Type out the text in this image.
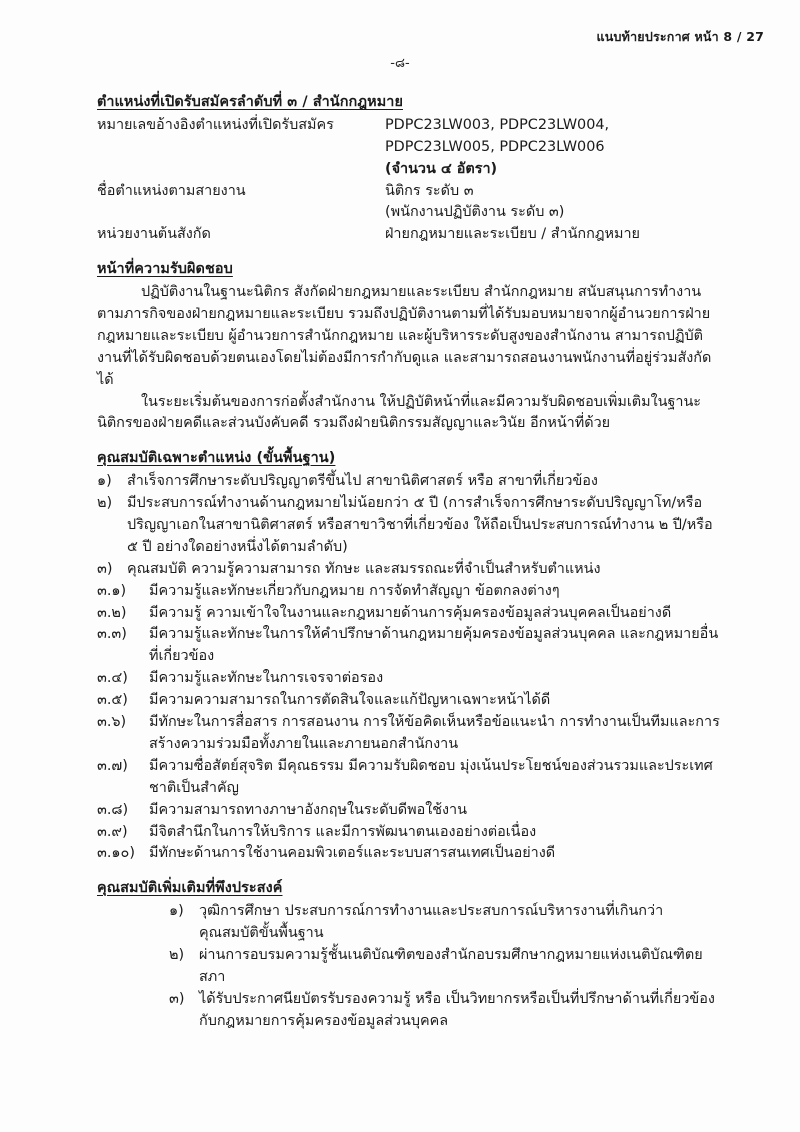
แนบท้ายประกาศ หน้า 8 / 27
-๘-
ตำแหน่งที่เปิดรับสมัครลำดับที่ ๓ / สำนักกฎหมาย
หมายเลขอ้างอิงตำแหน่งที่เปิดรับสมัคร	PDPC23LW003, PDPC23LW004,
PDPC23LW005, PDPC23LW006
(จำนวน ๔ อัตรา)
ชื่อตำแหน่งตามสายงาน	นิติกร ระดับ ๓
(พนักงานปฏิบัติงาน ระดับ ๓)
หน่วยงานต้นสังกัด	ฝ่ายกฎหมายและระเบียบ / สำนักกฎหมาย
หน้าที่ความรับผิดชอบ

ปฏิบัติงานในฐานะนิติกร สังกัดฝ่ายกฎหมายและระเบียบ สำนักกฎหมาย สนับสนุนการทำงานตามภารกิจของฝ่ายกฎหมายและระเบียบ รวมถึงปฏิบัติงานตามที่ได้รับมอบหมายจากผู้อำนวยการฝ่ายกฎหมายและระเบียบ ผู้อำนวยการสำนักกฎหมาย และผู้บริหารระดับสูงของสำนักงาน สามารถปฏิบัติงานที่ได้รับผิดชอบด้วยตนเองโดยไม่ต้องมีการกำกับดูแล และสามารถสอนงานพนักงานที่อยู่ร่วมสังกัดได้

ในระยะเริ่มต้นของการก่อตั้งสำนักงาน ให้ปฏิบัติหน้าที่และมีความรับผิดชอบเพิ่มเติมในฐานะนิติกรของฝ่ายคดีและส่วนบังคับคดี รวมถึงฝ่ายนิติกรรมสัญญาและวินัย อีกหน้าที่ด้วย

คุณสมบัติเฉพาะตำแหน่ง (ขั้นพื้นฐาน)
๑)	สำเร็จการศึกษาระดับปริญญาตรีขึ้นไป สาขานิติศาสตร์ หรือ สาขาที่เกี่ยวข้อง
๒)	มีประสบการณ์ทำงานด้านกฎหมายไม่น้อยกว่า ๕ ปี (การสำเร็จการศึกษาระดับปริญญาโท/หรือปริญญาเอกในสาขานิติศาสตร์ หรือสาขาวิชาที่เกี่ยวข้อง ให้ถือเป็นประสบการณ์ทำงาน ๒ ปี/หรือ ๕ ปี อย่างใดอย่างหนึ่งได้ตามลำดับ)
๓)	คุณสมบัติ ความรู้ความสามารถ ทักษะ และสมรรถณะที่จำเป็นสำหรับตำแหน่ง
๓.๑)	มีความรู้และทักษะเกี่ยวกับกฎหมาย การจัดทำสัญญา ข้อตกลงต่างๆ
๓.๒)	มีความรู้ ความเข้าใจในงานและกฎหมายด้านการคุ้มครองข้อมูลส่วนบุคคลเป็นอย่างดี
๓.๓)	มีความรู้และทักษะในการให้คำปรึกษาด้านกฎหมายคุ้มครองข้อมูลส่วนบุคคล และกฎหมายอื่นที่เกี่ยวข้อง
๓.๔)	มีความรู้และทักษะในการเจรจาต่อรอง
๓.๕)	มีความความสามารถในการตัดสินใจและแก้ปัญหาเฉพาะหน้าได้ดี
๓.๖)	มีทักษะในการสื่อสาร การสอนงาน การให้ข้อคิดเห็นหรือข้อแนะนำ การทำงานเป็นทีมและการสร้างความร่วมมือทั้งภายในและภายนอกสำนักงาน
๓.๗)	มีความซื่อสัตย์สุจริต มีคุณธรรม มีความรับผิดชอบ มุ่งเน้นประโยชน์ของส่วนรวมและประเทศชาติเป็นสำคัญ
๓.๘)	มีความสามารถทางภาษาอังกฤษในระดับดีพอใช้งาน
๓.๙)	มีจิตสำนึกในการให้บริการ และมีการพัฒนาตนเองอย่างต่อเนื่อง
๓.๑๐) มีทักษะด้านการใช้งานคอมพิวเตอร์และระบบสารสนเทศเป็นอย่างดี
คุณสมบัติเพิ่มเติมที่พึงประสงค์
๑)	วุฒิการศึกษา ประสบการณ์การทำงานและประสบการณ์บริหารงานที่เกินกว่าคุณสมบัติขั้นพื้นฐาน
๒)	ผ่านการอบรมความรู้ชั้นเนติบัณฑิตของสำนักอบรมศึกษากฎหมายแห่งเนติบัณฑิตยสภา
๓)	ได้รับประกาศนียบัตรรับรองความรู้ หรือ เป็นวิทยากรหรือเป็นที่ปรึกษาด้านที่เกี่ยวข้องกับกฎหมายการคุ้มครองข้อมูลส่วนบุคคล
